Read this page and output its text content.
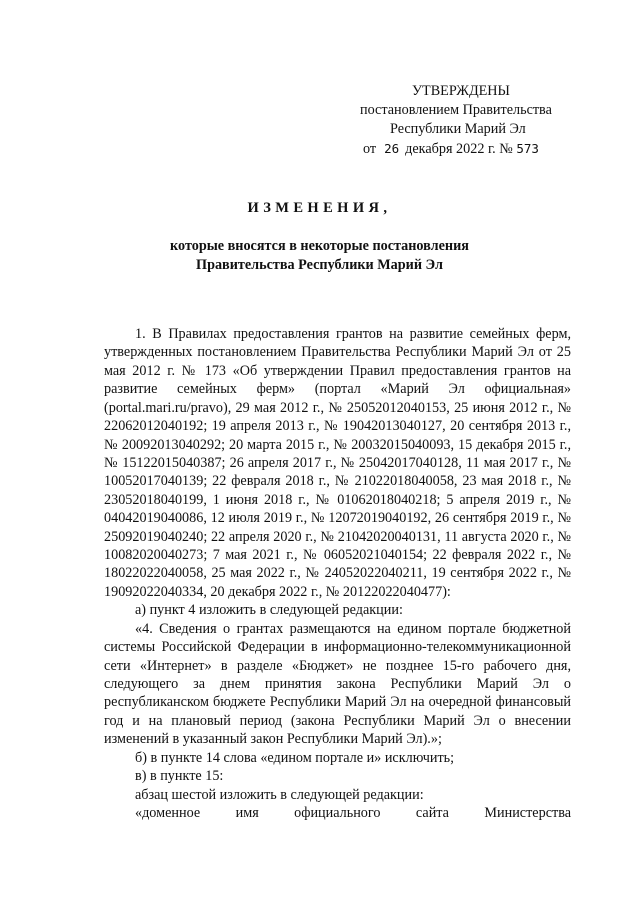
УТВЕРЖДЕНЫ
постановлением Правительства
Республики Марий Эл
от 26 декабря 2022 г. № 573
ИЗМЕНЕНИЯ,
которые вносятся в некоторые постановления
Правительства Республики Марий Эл

1. В Правилах предоставления грантов на развитие семейных ферм, утвержденных постановлением Правительства Республики Марий Эл от 25 мая 2012 г. № 173 «Об утверждении Правил предоставления грантов на развитие семейных ферм» (портал «Марий Эл официальная» (portal.mari.ru/pravo), 29 мая 2012 г., № 25052012040153, 25 июня 2012 г., № 22062012040192; 19 апреля 2013 г., № 19042013040127, 20 сентября 2013 г., № 20092013040292; 20 марта 2015 г., № 20032015040093, 15 декабря 2015 г., № 15122015040387; 26 апреля 2017 г., № 25042017040128, 11 мая 2017 г., № 10052017040139; 22 февраля 2018 г., № 21022018040058, 23 мая 2018 г., № 23052018040199, 1 июня 2018 г., № 01062018040218; 5 апреля 2019 г., № 04042019040086, 12 июля 2019 г., № 12072019040192, 26 сентября 2019 г., № 25092019040240; 22 апреля 2020 г., № 21042020040131, 11 августа 2020 г., № 10082020040273; 7 мая 2021 г., № 06052021040154; 22 февраля 2022 г., № 18022022040058, 25 мая 2022 г., № 24052022040211, 19 сентября 2022 г., № 19092022040334, 20 декабря 2022 г., № 20122022040477):

а) пункт 4 изложить в следующей редакции:

«4. Сведения о грантах размещаются на едином портале бюджетной системы Российской Федерации в информационно-телекоммуникационной сети «Интернет» в разделе «Бюджет» не позднее 15-го рабочего дня, следующего за днем принятия закона Республики Марий Эл о республиканском бюджете Республики Марий Эл на очередной финансовый год и на плановый период (закона Республики Марий Эл о внесении изменений в указанный закон Республики Марий Эл).»;

б) в пункте 14 слова «едином портале и» исключить;

в) в пункте 15:

абзац шестой изложить в следующей редакции:

«доменное имя официального сайта Министерства
